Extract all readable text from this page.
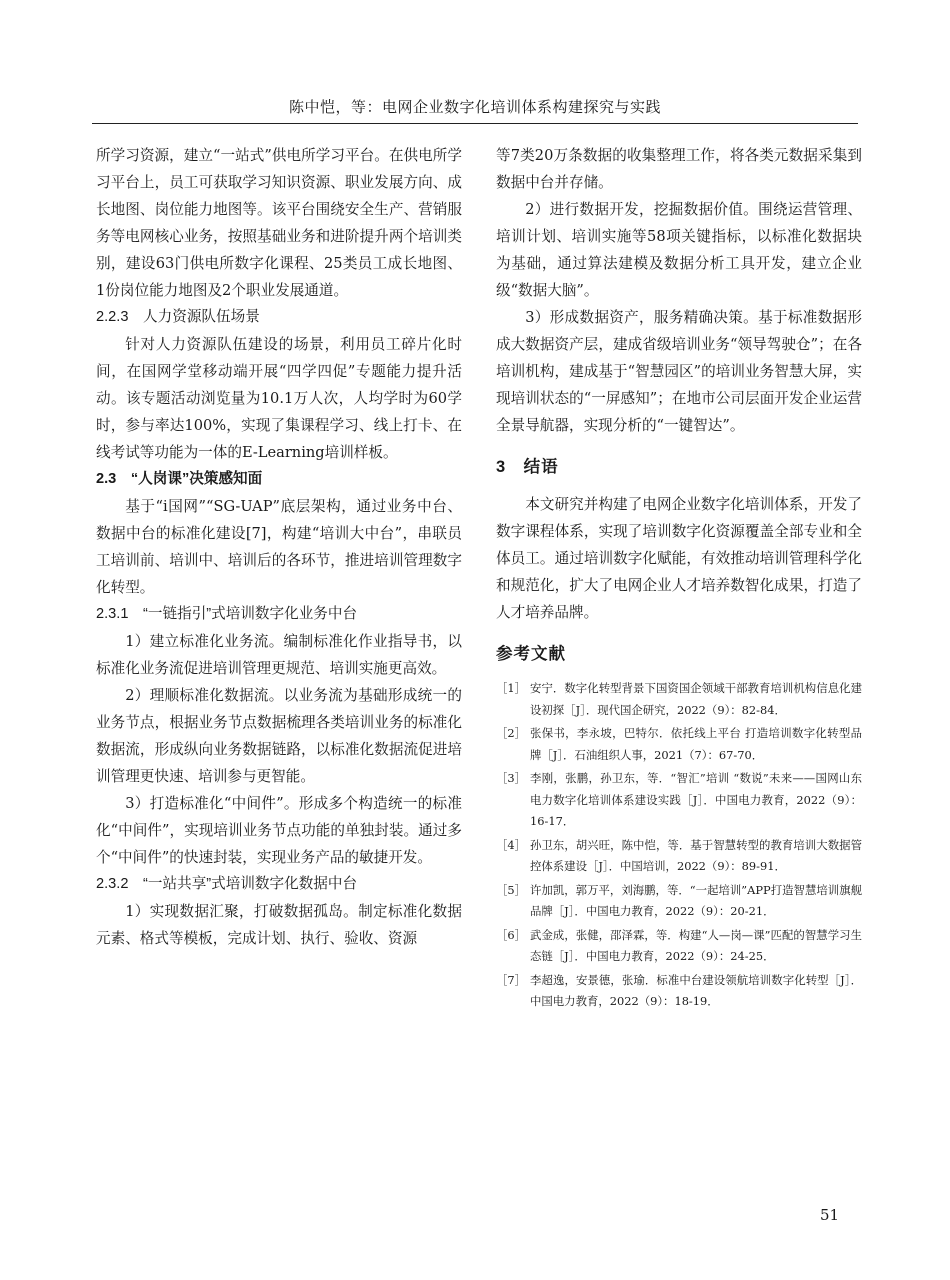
陈中恺，等：电网企业数字化培训体系构建探究与实践

所学习资源，建立“一站式”供电所学习平台。在供电所学习平台上，员工可获取学习知识资源、职业发展方向、成长地图、岗位能力地图等。该平台围绕安全生产、营销服务等电网核心业务，按照基础业务和进阶提升两个培训类别，建设63门供电所数字化课程、25类员工成长地图、1份岗位能力地图及2个职业发展通道。

2.2.3　人力资源队伍场景

针对人力资源队伍建设的场景，利用员工碎片化时间，在国网学堂移动端开展“四学四促”专题能力提升活动。该专题活动浏览量为10.1万人次，人均学时为60学时，参与率达100%，实现了集课程学习、线上打卡、在线考试等功能为一体的E-Learning培训样板。

2.3　“人岗课”决策感知面

基于“i国网”“SG-UAP”底层架构，通过业务中台、数据中台的标准化建设[7]，构建“培训大中台”，串联员工培训前、培训中、培训后的各环节，推进培训管理数字化转型。

2.3.1　“一链指引”式培训数字化业务中台

1）建立标准化业务流。编制标准化作业指导书，以标准化业务流促进培训管理更规范、培训实施更高效。

2）理顺标准化数据流。以业务流为基础形成统一的业务节点，根据业务节点数据梳理各类培训业务的标准化数据流，形成纵向业务数据链路，以标准化数据流促进培训管理更快速、培训参与更智能。

3）打造标准化“中间件”。形成多个构造统一的标准化“中间件”，实现培训业务节点功能的单独封装。通过多个“中间件”的快速封装，实现业务产品的敏捷开发。

2.3.2　“一站共享”式培训数字化数据中台

1）实现数据汇聚，打破数据孤岛。制定标准化数据元素、格式等模板，完成计划、执行、验收、资源

等7类20万条数据的收集整理工作，将各类元数据采集到数据中台并存储。

2）进行数据开发，挖掘数据价值。围绕运营管理、培训计划、培训实施等58项关键指标，以标准化数据块为基础，通过算法建模及数据分析工具开发，建立企业级“数据大脑”。

3）形成数据资产，服务精确决策。基于标准数据形成大数据资产层，建成省级培训业务“领导驾驶仓”；在各培训机构，建成基于“智慧园区”的培训业务智慧大屏，实现培训状态的“一屏感知”；在地市公司层面开发企业运营全景导航器，实现分析的“一键智达”。

3　结语

本文研究并构建了电网企业数字化培训体系，开发了数字课程体系，实现了培训数字化资源覆盖全部专业和全体员工。通过培训数字化赋能，有效推动培训管理科学化和规范化，扩大了电网企业人才培养数智化成果，打造了人才培养品牌。

参考文献
［1］ 安宁．数字化转型背景下国资国企领域干部教育培训机构信息化建设初探［J］．现代国企研究，2022（9）：82-84．
［2］ 张保书，李永坡，巴特尔．依托线上平台 打造培训数字化转型品牌［J］．石油组织人事，2021（7）：67-70．
［3］ 李刚，张鹏，孙卫东，等．“智汇”培训 “数说”未来——国网山东电力数字化培训体系建设实践［J］．中国电力教育，2022（9）：16-17．
［4］ 孙卫东，胡兴旺，陈中恺，等．基于智慧转型的教育培训大数据管控体系建设［J］．中国培训，2022（9）：89-91．
［5］ 许加凯，郭万平，刘海鹏，等．“一起培训”APP打造智慧培训旗舰品牌［J］．中国电力教育，2022（9）：20-21．
［6］ 武金成，张健，邵泽霖，等．构建“人—岗—课”匹配的智慧学习生态链［J］．中国电力教育，2022（9）：24-25．
［7］ 李超逸，安景德，张瑜．标准中台建设领航培训数字化转型［J］．中国电力教育，2022（9）：18-19．
51
